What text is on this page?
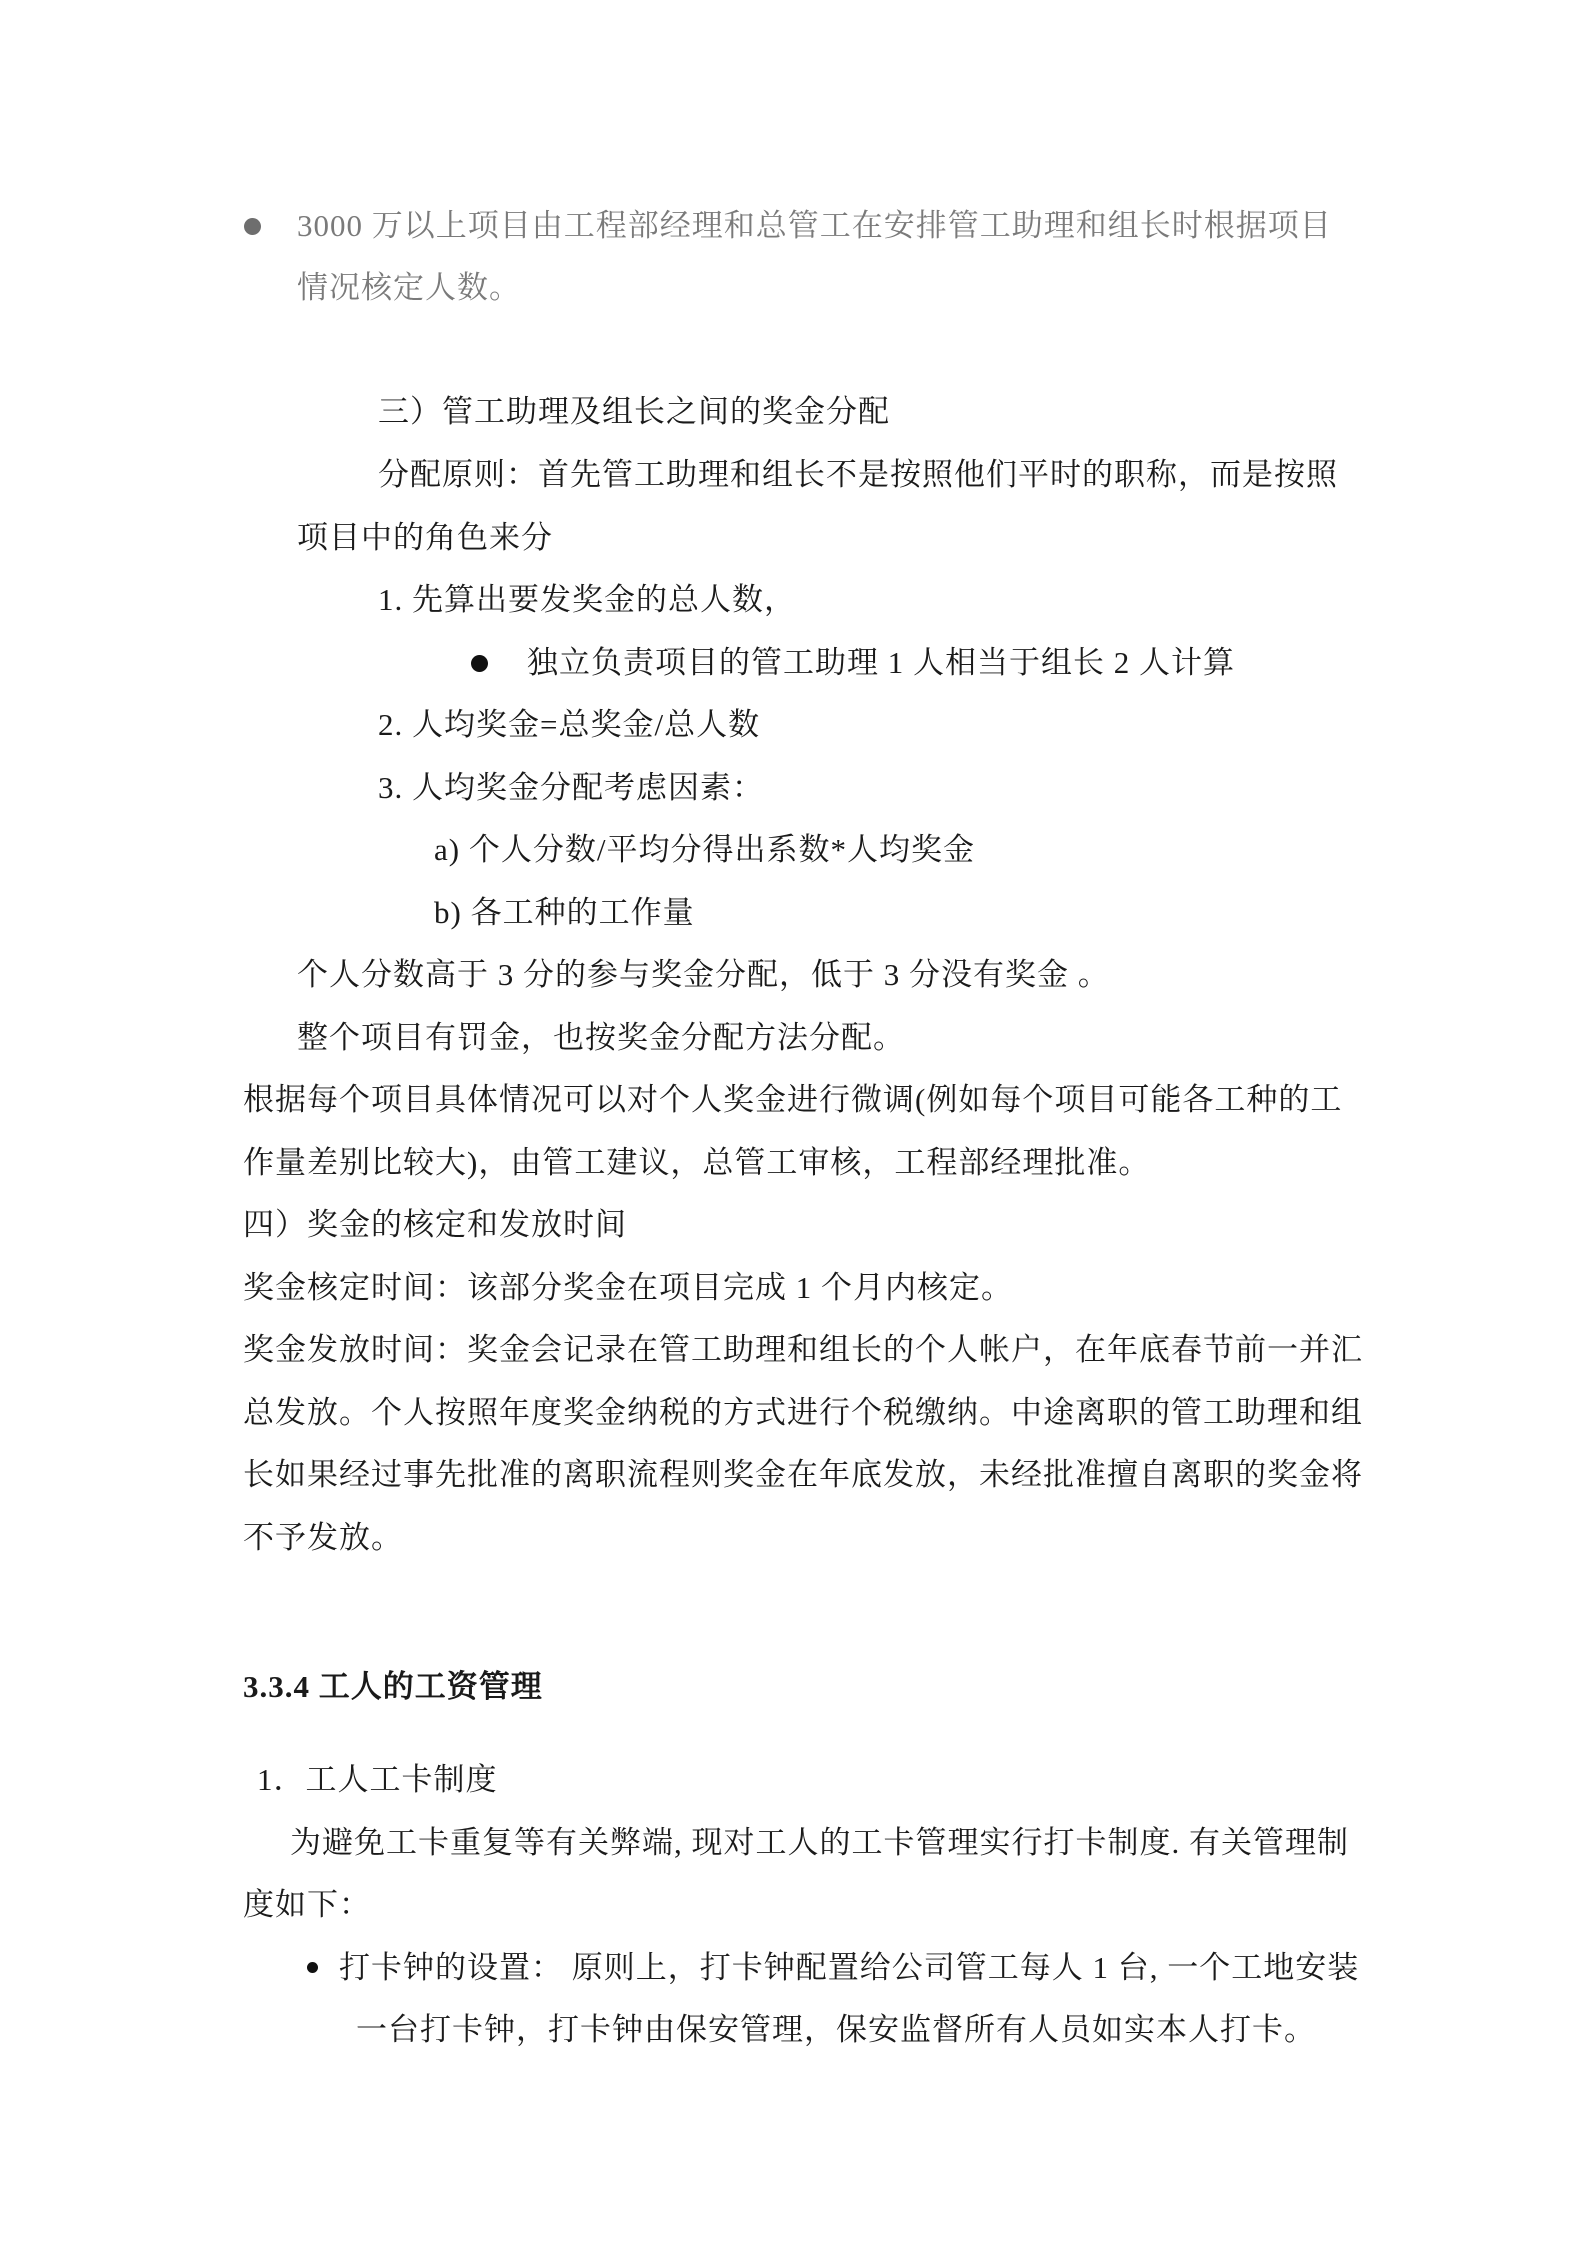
3000 万以上项目由工程部经理和总管工在安排管工助理和组长时根据项目
情况核定人数。
三）管工助理及组长之间的奖金分配
分配原则：首先管工助理和组长不是按照他们平时的职称，而是按照
项目中的角色来分
1. 先算出要发奖金的总人数，
独立负责项目的管工助理 1 人相当于组长 2 人计算
2. 人均奖金=总奖金/总人数
3. 人均奖金分配考虑因素：
a) 个人分数/平均分得出系数*人均奖金
b) 各工种的工作量
个人分数高于 3 分的参与奖金分配，低于 3 分没有奖金 。
整个项目有罚金，也按奖金分配方法分配。
根据每个项目具体情况可以对个人奖金进行微调(例如每个项目可能各工种的工
作量差别比较大)，由管工建议，总管工审核，工程部经理批准。
四）奖金的核定和发放时间
奖金核定时间：该部分奖金在项目完成 1 个月内核定。
奖金发放时间：奖金会记录在管工助理和组长的个人帐户，在年底春节前一并汇
总发放。个人按照年度奖金纳税的方式进行个税缴纳。中途离职的管工助理和组
长如果经过事先批准的离职流程则奖金在年底发放，未经批准擅自离职的奖金将
不予发放。
3.3.4 工人的工资管理
1．工人工卡制度
为避免工卡重复等有关弊端, 现对工人的工卡管理实行打卡制度. 有关管理制
度如下：
打卡钟的设置： 原则上，打卡钟配置给公司管工每人 1 台, 一个工地安装
一台打卡钟，打卡钟由保安管理，保安监督所有人员如实本人打卡。
